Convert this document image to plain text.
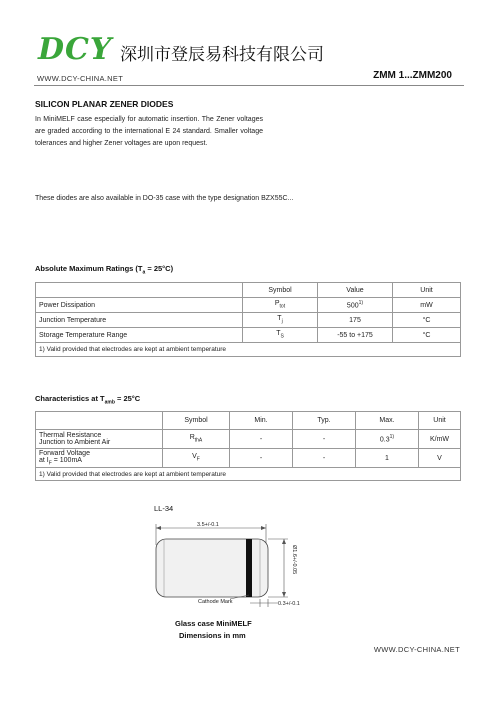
DCY 深圳市登辰易科技有限公司
WWW.DCY-CHINA.NET	ZMM 1...ZMM200
SILICON PLANAR ZENER DIODES
In MiniMELF case especially for automatic insertion. The Zener voltages are graded according to the international E 24 standard. Smaller voltage tolerances and higher Zener voltages are upon request.
These diodes are also available in DO-35 case with the type designation BZX55C...
Absolute Maximum Ratings $(T_a = 25^\circ C)$
	Symbol	Value	Unit
Power Dissipation	$P_{tot}$	500$^{1)}$	mW
Junction Temperature	$T_j$	175	°C
Storage Temperature Range	$T_S$	-55 to +175	°C
1) Valid provided that electrodes are kept at ambient temperature			
Characteristics at $T_{amb} = 25^\circ C$
	Symbol	Min.	Typ.	Max.	Unit

Thermal Resistance
Junction to Ambient Air	$R_{thA}$	-	-	0.3$^{1)}$	K/mW

Forward Voltage
at $I_F = 100mA$	$V_F$	-	-	1	V
1) Valid provided that electrodes are kept at ambient temperature					
LL-34
3.5+/-0.1
Ø1.6+/-0.05
0.3+/-0.1
Cathode Mark
Glass case MiniMELF
Dimensions in mm
WWW.DCY-CHINA.NET
